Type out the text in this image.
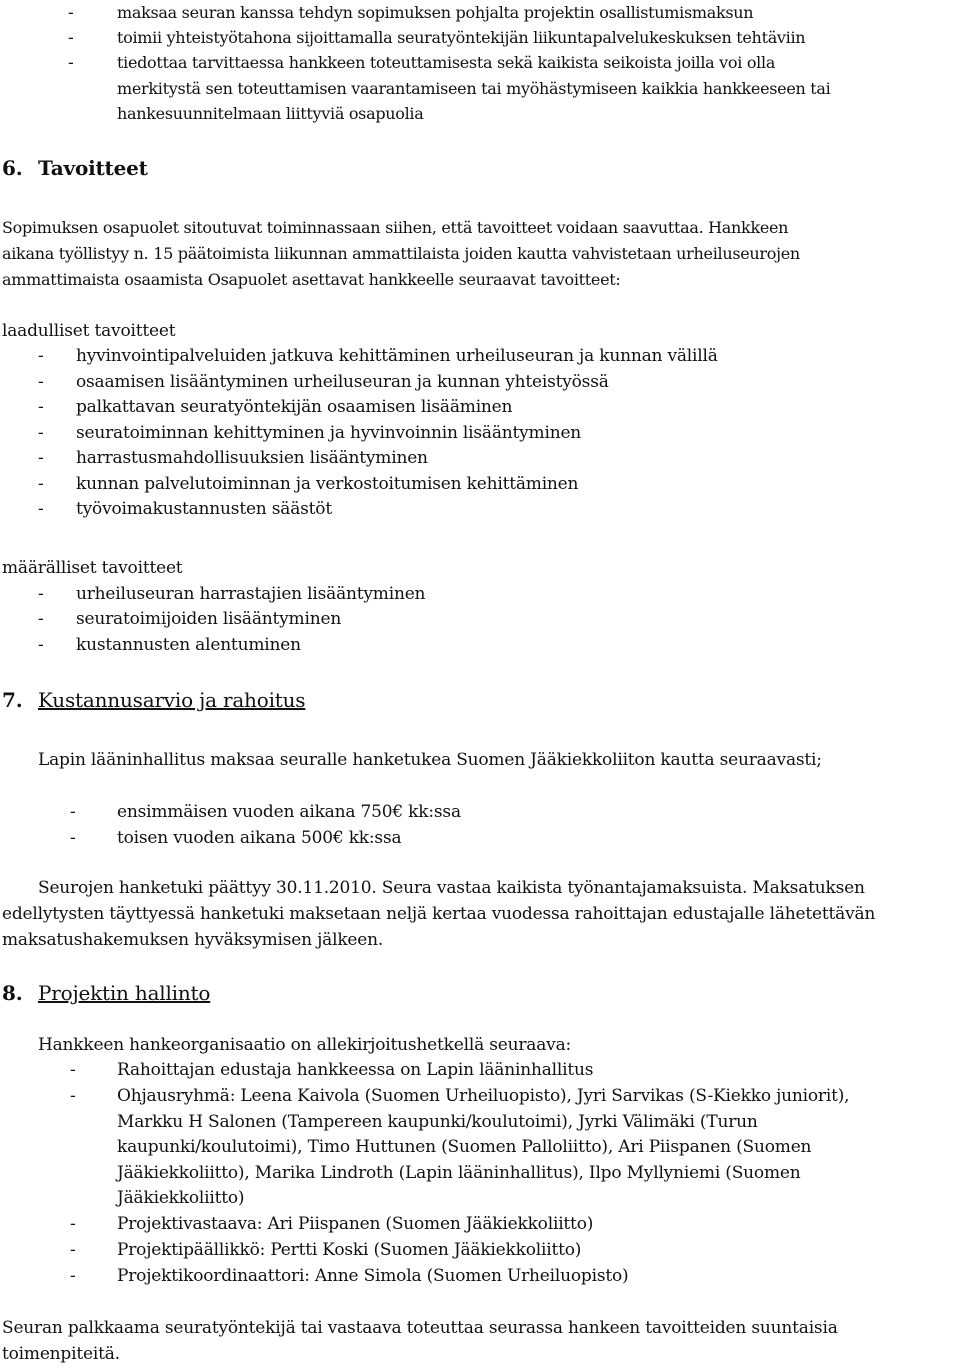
-	maksaa seuran kanssa tehdyn sopimuksen pohjalta projektin osallistumismaksun
-	toimii yhteistyötahona sijoittamalla seuratyöntekijän liikuntapalvelukeskuksen tehtäviin
-	tiedottaa tarvittaessa hankkeen toteuttamisesta sekä kaikista seikoista joilla voi olla
merkitystä sen toteuttamisen vaarantamiseen tai myöhästymiseen kaikkia hankkeeseen tai
hankesuunnitelmaan liittyviä osapuolia
6. Tavoitteet
Sopimuksen osapuolet sitoutuvat toiminnassaan siihen, että tavoitteet voidaan saavuttaa. Hankkeen
aikana työllistyy n. 15 päätoimista liikunnan ammattilaista joiden kautta vahvistetaan urheiluseurojen
ammattimaista osaamista Osapuolet asettavat hankkeelle seuraavat tavoitteet:
laadulliset tavoitteet
- hyvinvointipalveluiden jatkuva kehittäminen urheiluseuran ja kunnan välillä
- osaamisen lisääntyminen urheiluseuran ja kunnan yhteistyössä
- palkattavan seuratyöntekijän osaamisen lisääminen
- seuratoiminnan kehittyminen ja hyvinvoinnin lisääntyminen
- harrastusmahdollisuuksien lisääntyminen
- kunnan palvelutoiminnan ja verkostoitumisen kehittäminen
- työvoimakustannusten säästöt
määrälliset tavoitteet
- urheiluseuran harrastajien lisääntyminen
- seuratoimijoiden lisääntyminen
- kustannusten alentuminen
7. Kustannusarvio ja rahoitus
Lapin lääninhallitus maksaa seuralle hanketukea Suomen Jääkiekkoliiton kautta seuraavasti;
- ensimmäisen vuoden aikana 750€ kk:ssa
- toisen vuoden aikana 500€ kk:ssa
Seurojen hanketuki päättyy 30.11.2010. Seura vastaa kaikista työnantajamaksuista. Maksatuksen
edellytysten täyttyessä hanketuki maksetaan neljä kertaa vuodessa rahoittajan edustajalle lähetettävän
maksatushakemuksen hyväksymisen jälkeen.
8. Projektin hallinto
Hankkeen hankeorganisaatio on allekirjoitushetkellä seuraava:
- Rahoittajan edustaja hankkeessa on Lapin lääninhallitus
- Ohjausryhmä: Leena Kaivola (Suomen Urheiluopisto), Jyri Sarvikas (S-Kiekko juniorit),
Markku H Salonen (Tampereen kaupunki/koulutoimi), Jyrki Välimäki (Turun
kaupunki/koulutoimi), Timo Huttunen (Suomen Palloliitto), Ari Piispanen (Suomen
Jääkiekkoliitto), Marika Lindroth (Lapin lääninhallitus), Ilpo Myllyniemi (Suomen
Jääkiekkoliitto)
- Projektivastaava: Ari Piispanen (Suomen Jääkiekkoliitto)
- Projektipäällikkö: Pertti Koski (Suomen Jääkiekkoliitto)
- Projektikoordinaattori: Anne Simola (Suomen Urheiluopisto)
Seuran palkkaama seuratyöntekijä tai vastaava toteuttaa seurassa hankeen tavoitteiden suuntaisia
toimenpiteitä.
